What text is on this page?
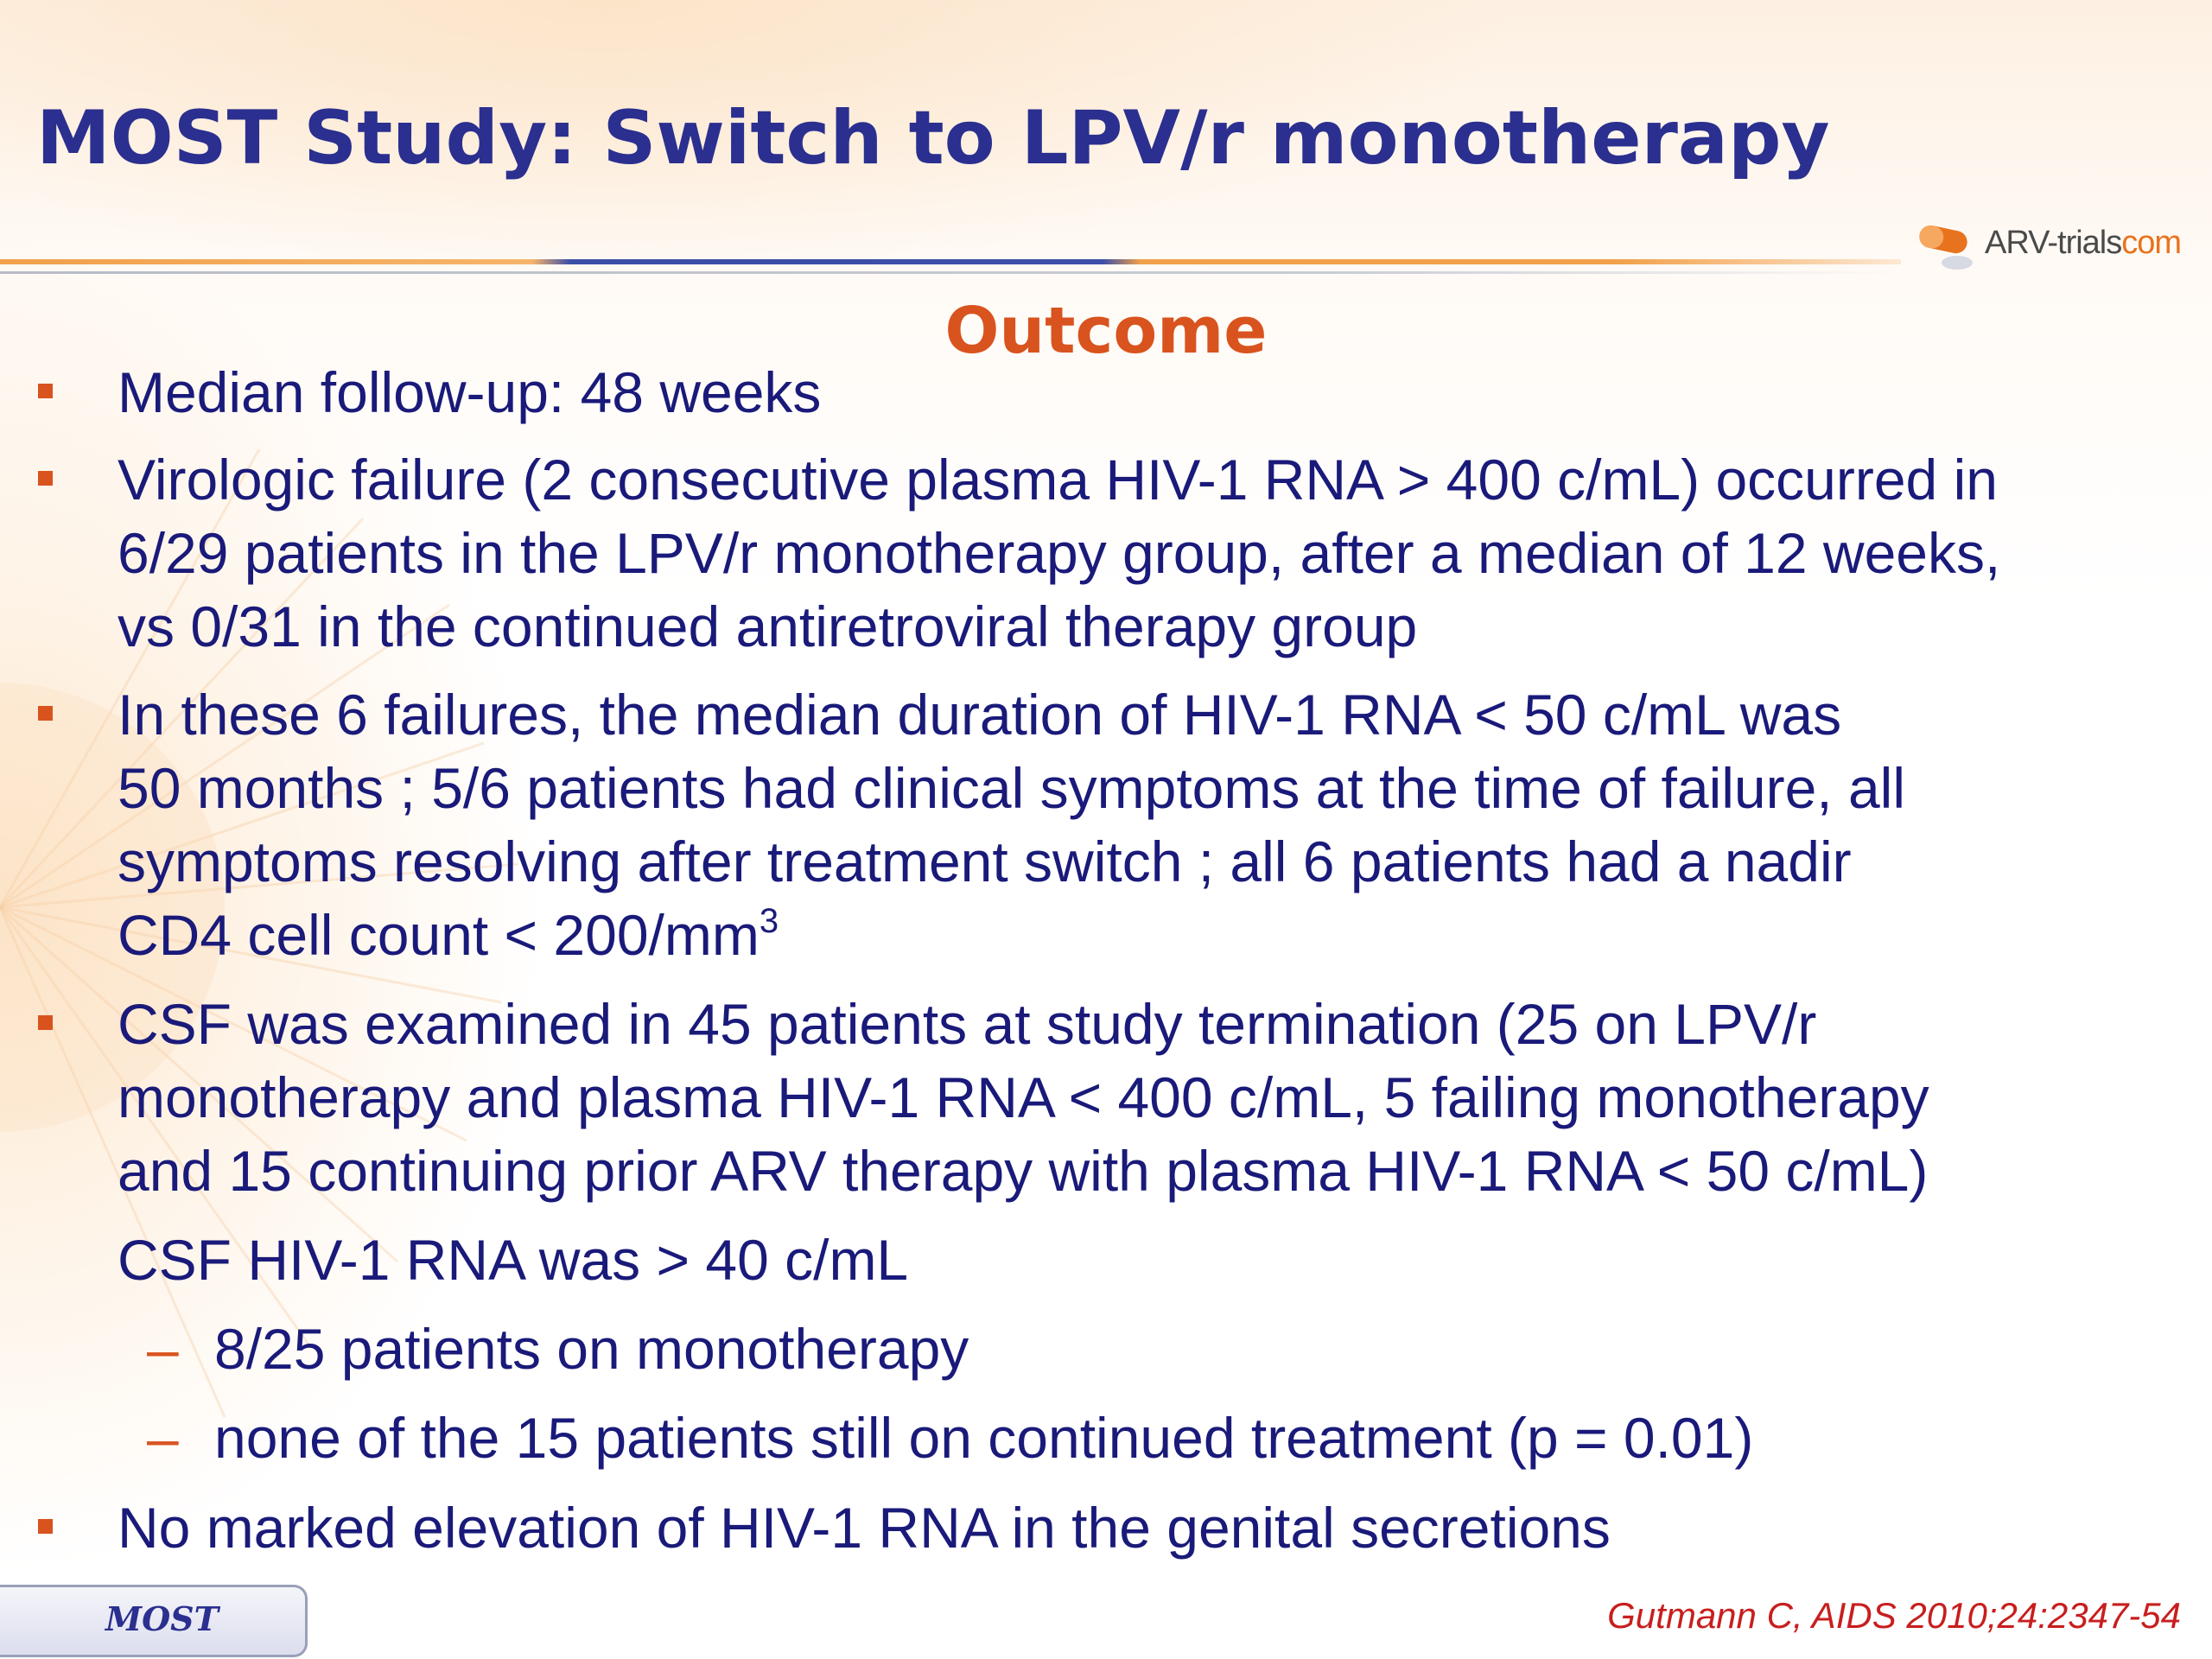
MOST Study: Switch to LPV/r monotherapy
ARV-trialscom
Outcome
Median follow-up: 48 weeks
Virologic failure (2 consecutive plasma HIV-1 RNA > 400 c/mL) occurred in
6/29 patients in the LPV/r monotherapy group, after a median of 12 weeks,
vs 0/31 in the continued antiretroviral therapy group
In these 6 failures, the median duration of HIV-1 RNA < 50 c/mL was
50 months ; 5/6 patients had clinical symptoms at the time of failure, all
symptoms resolving after treatment switch ; all 6 patients had a nadir
CD4 cell count < $200/mm^3$
CSF was examined in 45 patients at study termination (25 on LPV/r
monotherapy and plasma HIV-1 RNA < 400 c/mL, 5 failing monotherapy
and 15 continuing prior ARV therapy with plasma HIV-1 RNA < 50 c/mL)
CSF HIV-1 RNA was > 40 c/mL
– 8/25 patients on monotherapy
– none of the 15 patients still on continued treatment (p = 0.01)
No marked elevation of HIV-1 RNA in the genital secretions
MOST	Gutmann C, AIDS 2010;24:2347-54
